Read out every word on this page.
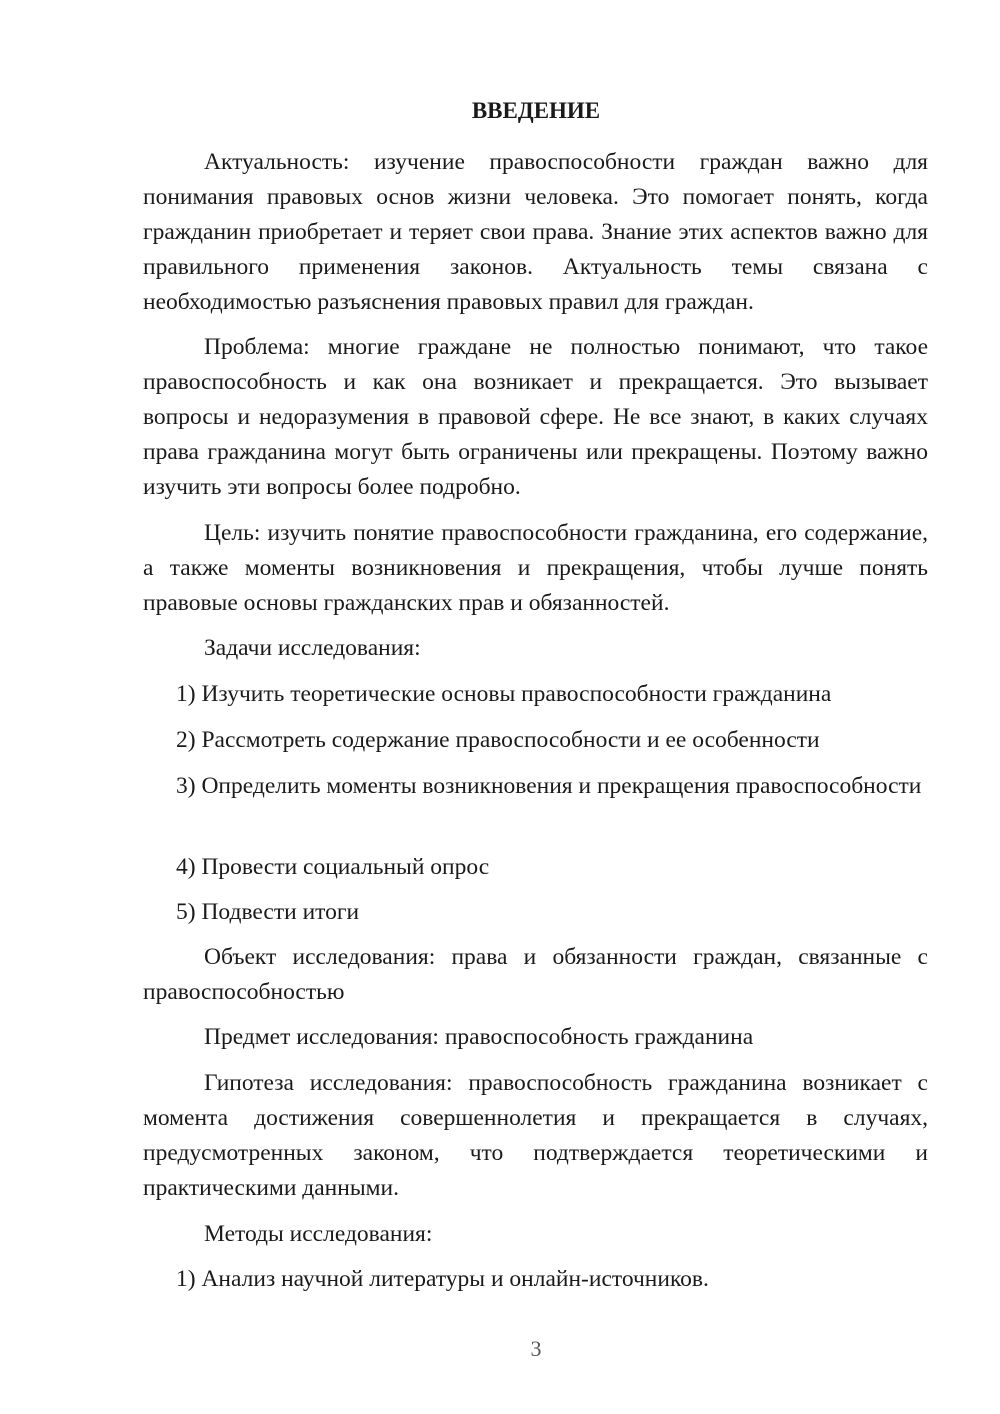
ВВЕДЕНИЕ

Актуальность: изучение правоспособности граждан важно для понимания правовых основ жизни человека. Это помогает понять, когда гражданин приобретает и теряет свои права. Знание этих аспектов важно для правильного применения законов. Актуальность темы связана с необходимостью разъяснения правовых правил для граждан.

Проблема: многие граждане не полностью понимают, что такое правоспособность и как она возникает и прекращается. Это вызывает вопросы и недоразумения в правовой сфере. Не все знают, в каких случаях права гражданина могут быть ограничены или прекращены. Поэтому важно изучить эти вопросы более подробно.

Цель: изучить понятие правоспособности гражданина, его содержание, а также моменты возникновения и прекращения, чтобы лучше понять правовые основы гражданских прав и обязанностей.

Задачи исследования:

1) Изучить теоретические основы правоспособности гражданина

2) Рассмотреть содержание правоспособности и ее особенности

3) Определить моменты возникновения и прекращения правоспособности

4) Провести социальный опрос

5) Подвести итоги

Объект исследования: права и обязанности граждан, связанные с правоспособностью

Предмет исследования: правоспособность гражданина

Гипотеза исследования: правоспособность гражданина возникает с момента достижения совершеннолетия и прекращается в случаях, предусмотренных законом, что подтверждается теоретическими и практическими данными.

Методы исследования:

1) Анализ научной литературы и онлайн-источников.

3
